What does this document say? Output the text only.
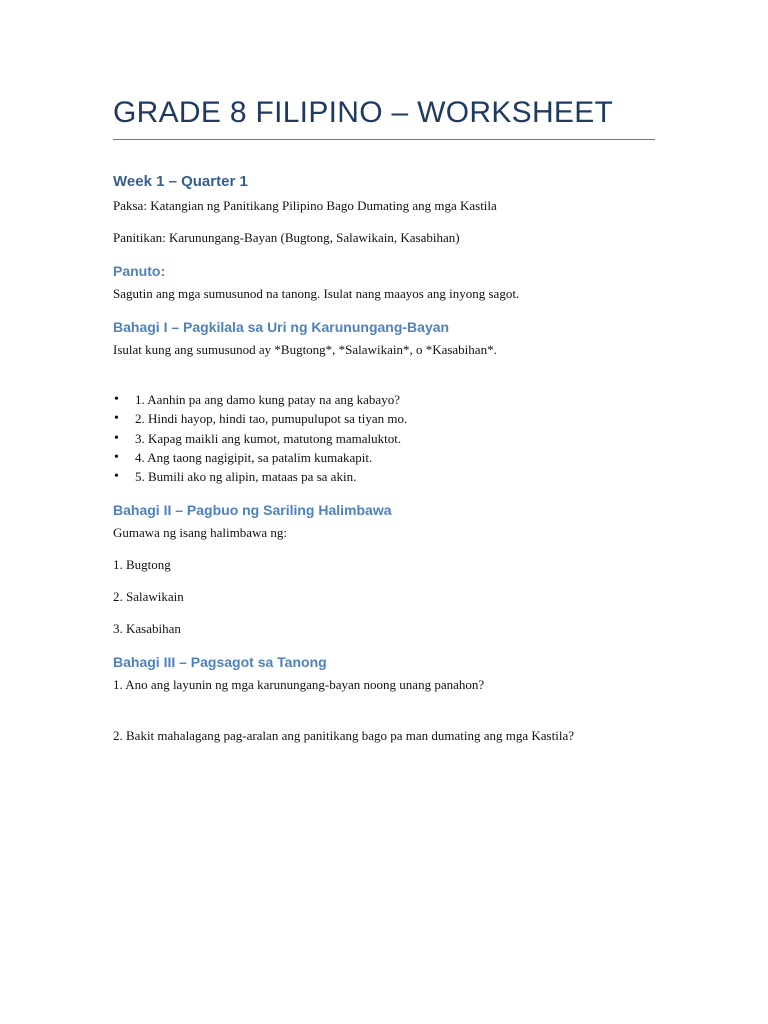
GRADE 8 FILIPINO – WORKSHEET
Week 1 – Quarter 1
Paksa: Katangian ng Panitikang Pilipino Bago Dumating ang mga Kastila
Panitikan: Karunungang-Bayan (Bugtong, Salawikain, Kasabihan)
Panuto:
Sagutin ang mga sumusunod na tanong. Isulat nang maayos ang inyong sagot.
Bahagi I – Pagkilala sa Uri ng Karunungang-Bayan
Isulat kung ang sumusunod ay *Bugtong*, *Salawikain*, o *Kasabihan*.
• 1. Aanhin pa ang damo kung patay na ang kabayo?
• 2. Hindi hayop, hindi tao, pumupulupot sa tiyan mo.
• 3. Kapag maikli ang kumot, matutong mamaluktot.
• 4. Ang taong nagigipit, sa patalim kumakapit.
• 5. Bumili ako ng alipin, mataas pa sa akin.
Bahagi II – Pagbuo ng Sariling Halimbawa
Gumawa ng isang halimbawa ng:
1. Bugtong
2. Salawikain
3. Kasabihan
Bahagi III – Pagsagot sa Tanong
1. Ano ang layunin ng mga karunungang-bayan noong unang panahon?
2. Bakit mahalagang pag-aralan ang panitikang bago pa man dumating ang mga Kastila?
